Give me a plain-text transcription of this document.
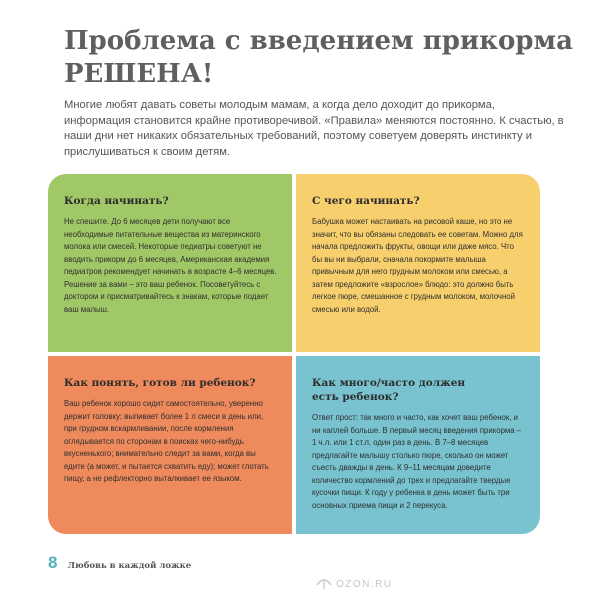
Проблема с введением прикорма
РЕШЕНА!

Многие любят давать советы молодым мамам, а когда дело доходит до прикорма, информация становится крайне противоречивой. «Правила» меняются постоянно. К счастью, в наши дни нет никаких обязательных требований, поэтому советуем доверять инстинкту и прислушиваться к своим детям.

Когда начинать?

Не спешите. До 6 месяцев дети получают все необходимые питательные вещества из материнского молока или смесей. Некоторые педиатры советуют не вводить прикорм до 6 месяцев, Американская академия педиатров рекомендует начинать в возрасте 4–6 месяцев. Решение за вами – это ваш ребенок. Посоветуйтесь с доктором и присматривайтесь к знакам, которые подает ваш малыш.

С чего начинать?

Бабушка может настаивать на рисовой каше, но это не значит, что вы обязаны следовать ее советам. Можно для начала предложить фрукты, овощи или даже мясо. Что бы вы ни выбрали, сначала покормите малыша привычным для него грудным молоком или смесью, а затем предложите «взрослое» блюдо: это должно быть легкое пюре, смешанное с грудным молоком, молочной смесью или водой.

Как понять, готов ли ребенок?

Ваш ребенок хорошо сидит самостоятельно, уверенно держит головку; выпивает более 1 л смеси в день или, при грудном вскармливании, после кормления оглядывается по сторонам в поисках чего-нибудь вкусненького; внимательно следит за вами, когда вы едите (а может, и пытается схватить еду); может глотать пищу, а не рефлекторно выталкивает ее языком.

Как много/часто должен есть ребенок?

Ответ прост: так много и часто, как хочет ваш ребенок, и ни каплей больше. В первый месяц введения прикорма – 1 ч.л. или 1 ст.л. один раз в день. В 7–8 месяцев предлагайте малышу столько пюре, сколько он может съесть дважды в день. К 9–11 месяцам доведите количество кормлений до трех и предлагайте твердые кусочки пищи. К году у ребенка в день может быть три основных приема пищи и 2 перекуса.

8 Любовь в каждой ложке
OZON.RU
